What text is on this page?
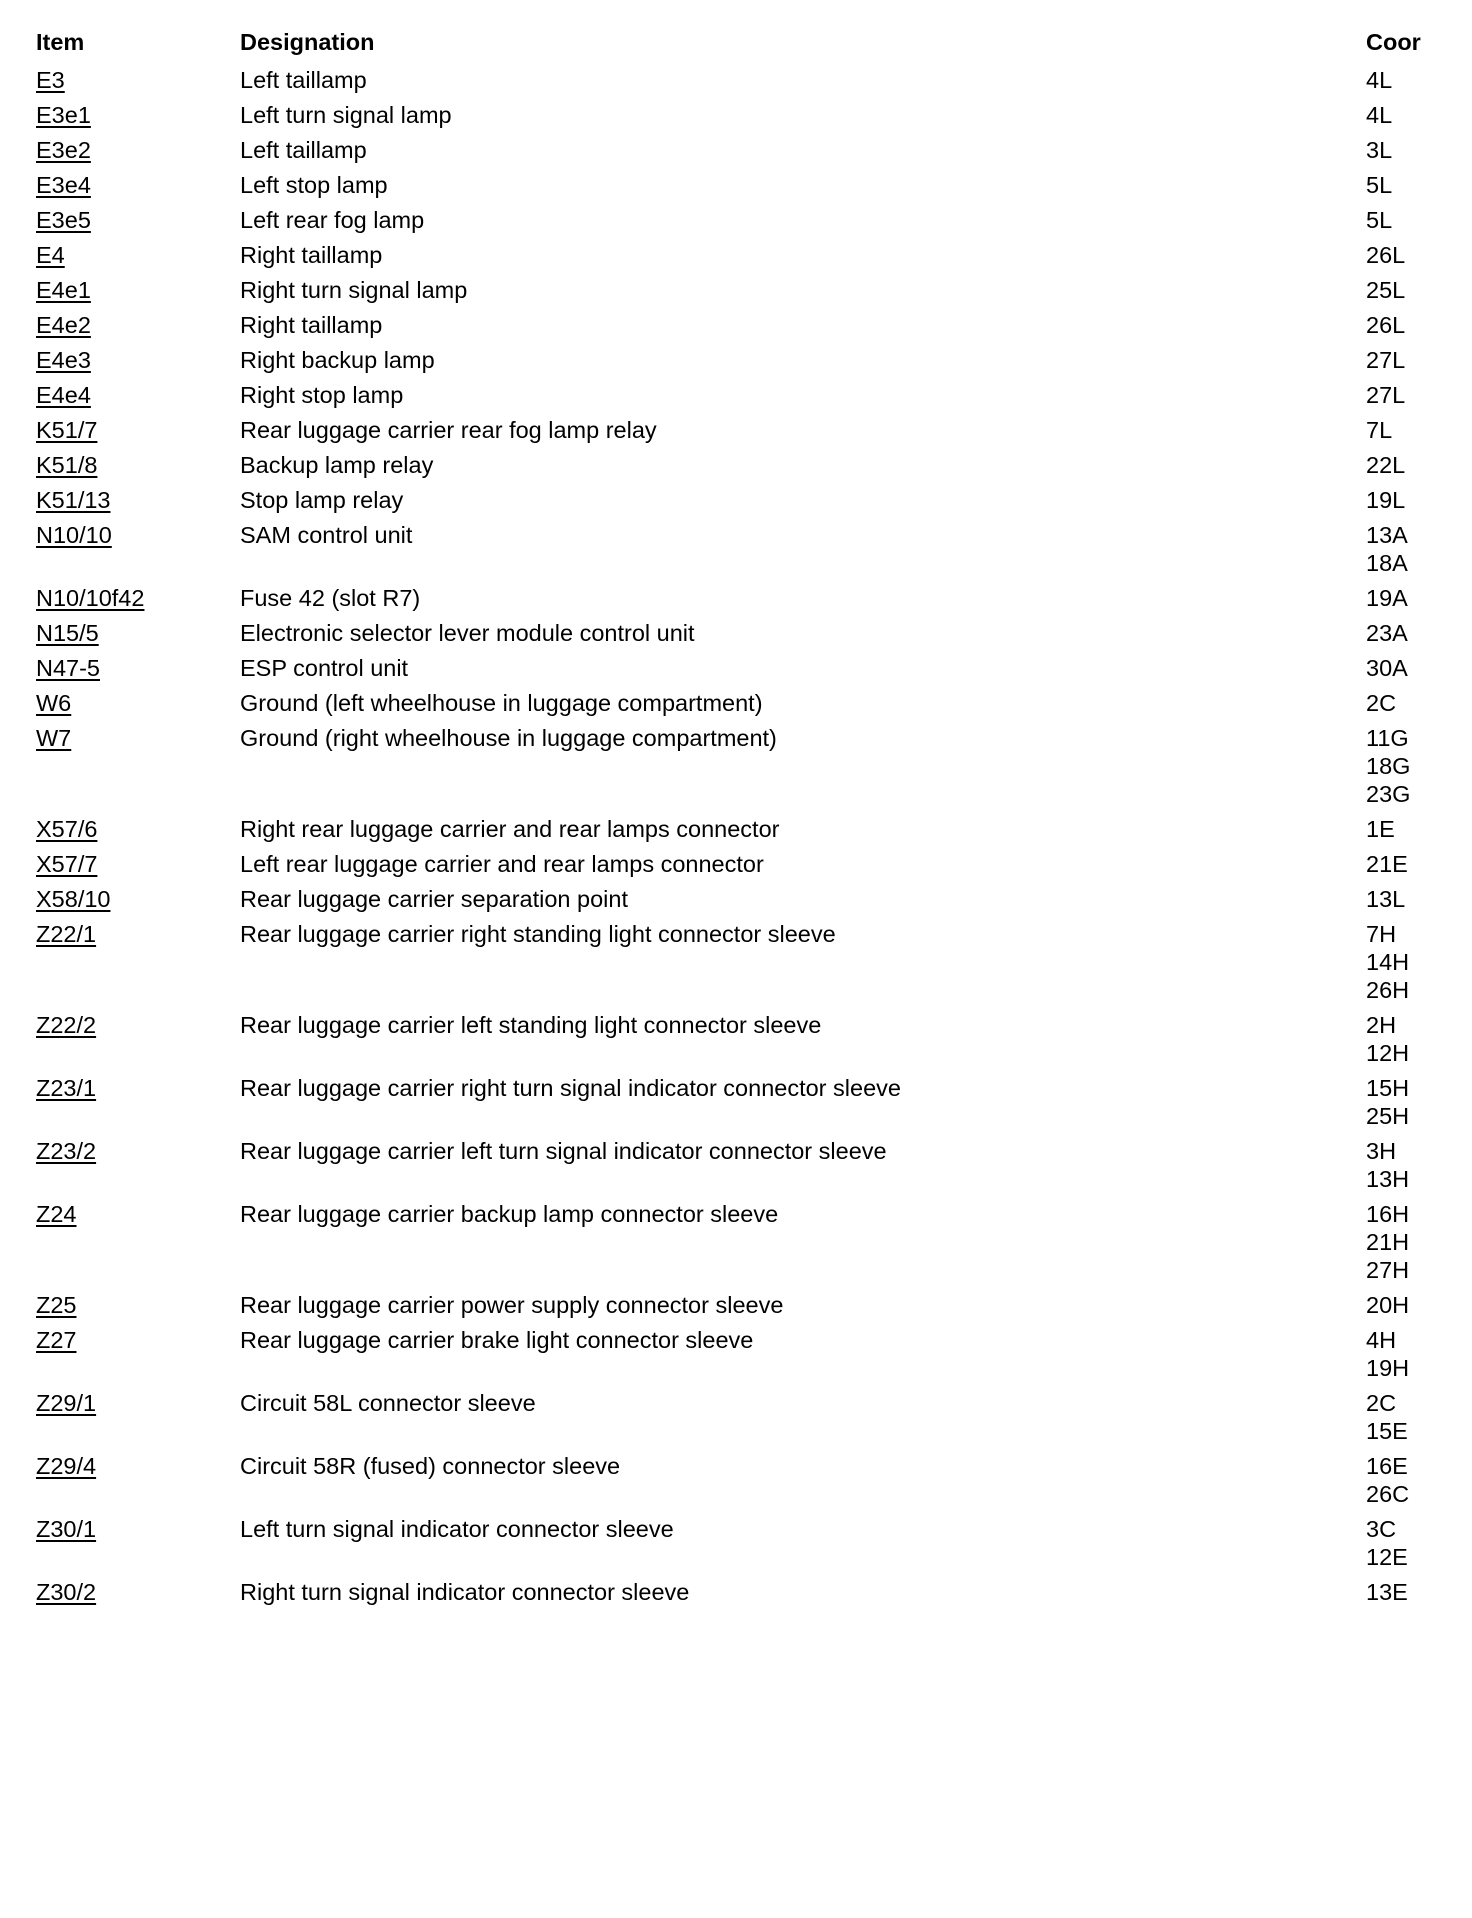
Item	Designation	Coor
E3	Left taillamp	4L
E3e1	Left turn signal lamp	4L
E3e2	Left taillamp	3L
E3e4	Left stop lamp	5L
E3e5	Left rear fog lamp	5L
E4	Right taillamp	26L
E4e1	Right turn signal lamp	25L
E4e2	Right taillamp	26L
E4e3	Right backup lamp	27L
E4e4	Right stop lamp	27L
K51/7	Rear luggage carrier rear fog lamp relay	7L
K51/8	Backup lamp relay	22L
K51/13	Stop lamp relay	19L
N10/10	SAM control unit	13A
18A
N10/10f42	Fuse 42 (slot R7)	19A
N15/5	Electronic selector lever module control unit	23A
N47-5	ESP control unit	30A
W6	Ground (left wheelhouse in luggage compartment)	2C
W7	Ground (right wheelhouse in luggage compartment)	11G
18G
23G
X57/6	Right rear luggage carrier and rear lamps connector	1E
X57/7	Left rear luggage carrier and rear lamps connector	21E
X58/10	Rear luggage carrier separation point	13L
Z22/1	Rear luggage carrier right standing light connector sleeve	7H
14H
26H
Z22/2	Rear luggage carrier left standing light connector sleeve	2H
12H
Z23/1	Rear luggage carrier right turn signal indicator connector sleeve	15H
25H
Z23/2	Rear luggage carrier left turn signal indicator connector sleeve	3H
13H
Z24	Rear luggage carrier backup lamp connector sleeve	16H
21H
27H
Z25	Rear luggage carrier power supply connector sleeve	20H
Z27	Rear luggage carrier brake light connector sleeve	4H
19H
Z29/1	Circuit 58L connector sleeve	2C
15E
Z29/4	Circuit 58R (fused) connector sleeve	16E
26C
Z30/1	Left turn signal indicator connector sleeve	3C
12E
Z30/2	Right turn signal indicator connector sleeve	13E
